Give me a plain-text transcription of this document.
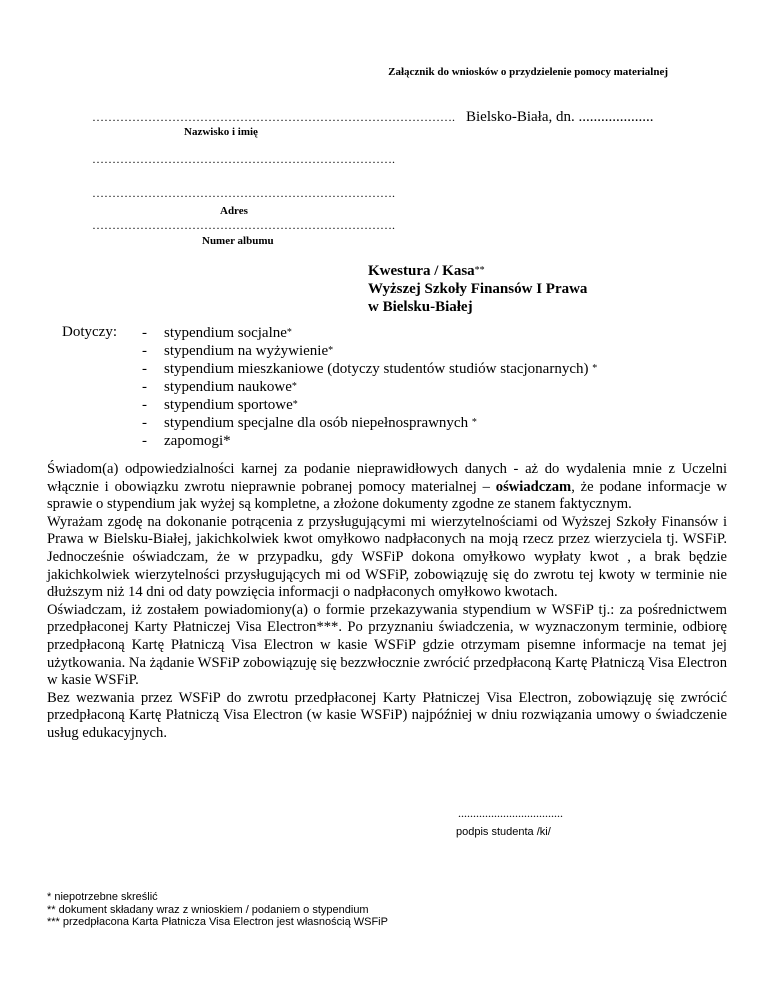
Załącznik do wniosków o przydzielenie pomocy materialnej
……………………………………………………………………………….
Nazwisko i imię
Bielsko-Biała, dn. ....................
………………………………………………………………….
………………………………………………………………….
Adres
………………………………………………………………….
Numer albumu
Kwestura / Kasa**
Wyższej Szkoły Finansów I Prawa
w Bielsku-Białej
Dotyczy: - stypendium socjalne*
- stypendium na wyżywienie*
- stypendium mieszkaniowe (dotyczy studentów studiów stacjonarnych) *
- stypendium naukowe*
- stypendium sportowe*
- stypendium specjalne dla osób niepełnosprawnych *
- zapomogi*

Świadom(a) odpowiedzialności karnej za podanie nieprawidłowych danych - aż do wydalenia mnie z Uczelni włącznie i obowiązku zwrotu nieprawnie pobranej pomocy materialnej – oświadczam, że podane informacje w sprawie o stypendium jak wyżej są kompletne, a złożone dokumenty zgodne ze stanem faktycznym.

Wyrażam zgodę na dokonanie potrącenia z przysługującymi mi wierzytelnościami od Wyższej Szkoły Finansów i Prawa w Bielsku-Białej, jakichkolwiek kwot omyłkowo nadpłaconych na moją rzecz przez wierzyciela tj. WSFiP. Jednocześnie oświadczam, że w przypadku, gdy WSFiP dokona omyłkowo wypłaty kwot , a brak będzie jakichkolwiek wierzytelności przysługujących mi od WSFiP, zobowiązuję się do zwrotu tej kwoty w terminie nie dłuższym niż 14 dni od daty powzięcia informacji o nadpłaconych omyłkowo kwotach.

Oświadczam, iż zostałem powiadomiony(a) o formie przekazywania stypendium w WSFiP tj.: za pośrednictwem przedpłaconej Karty Płatniczej Visa Electron***. Po przyznaniu świadczenia, w wyznaczonym terminie, odbiorę przedpłaconą Kartę Płatniczą Visa Electron w kasie WSFiP gdzie otrzymam pisemne informacje na temat jej użytkowania. Na żądanie WSFiP zobowiązuję się bezzwłocznie zwrócić przedpłaconą Kartę Płatniczą Visa Electron w kasie WSFiP.

Bez wezwania przez WSFiP do zwrotu przedpłaconej Karty Płatniczej Visa Electron, zobowiązuję się zwrócić przedpłaconą Kartę Płatniczą Visa Electron (w kasie WSFiP) najpóźniej w dniu rozwiązania umowy o świadczenie usług edukacyjnych.

...................................
podpis studenta /ki/
* niepotrzebne skreślić
** dokument składany wraz z wnioskiem / podaniem o stypendium
*** przedpłacona Karta Płatnicza Visa Electron jest własnością WSFiP
